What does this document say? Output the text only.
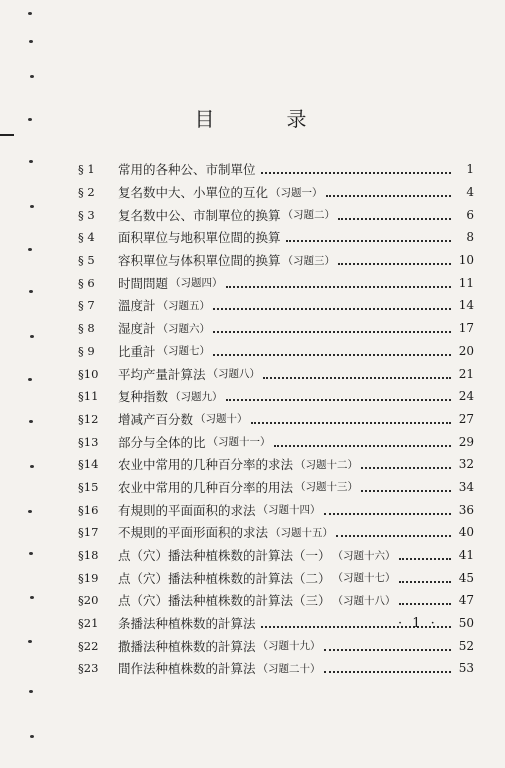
目　录
§ 1	常用的各种公、市制單位	1
§ 2	复名数中大、小單位的互化 （习题一）	4
§ 3	复名数中公、市制單位的换算 （习题二）	6
§ 4	面积單位与地积單位間的换算	8
§ 5	容积單位与体积單位間的换算 （习题三）	10
§ 6	时間問題 （习题四）	11
§ 7	溫度計 （习题五）	14
§ 8	湿度計 （习题六）	17
§ 9	比重計 （习题七）	20
§10	平均产量計算法 （习题八）	21
§11	复种指数 （习题九）	24
§12	增减产百分数 （习题十）	27
§13	部分与全体的比 （习题十一）	29
§14	农业中常用的几种百分率的求法 （习题十二）	32
§15	农业中常用的几种百分率的用法 （习题十三）	34
§16	有規則的平面面积的求法 （习题十四）	36
§17	不規則的平面形面积的求法 （习题十五）	40
§18	点（穴）播法种植株数的計算法（一） （习题十六）	41
§19	点（穴）播法种植株数的計算法（二） （习题十七）	45
§20	点（穴）播法种植株数的計算法（三） （习题十八）	47
§21	条播法种植株数的計算法	50
§22	撒播法种植株数的計算法 （习题十九）	52
§23	間作法种植株数的計算法 （习题二十）	53
· 1 ·
